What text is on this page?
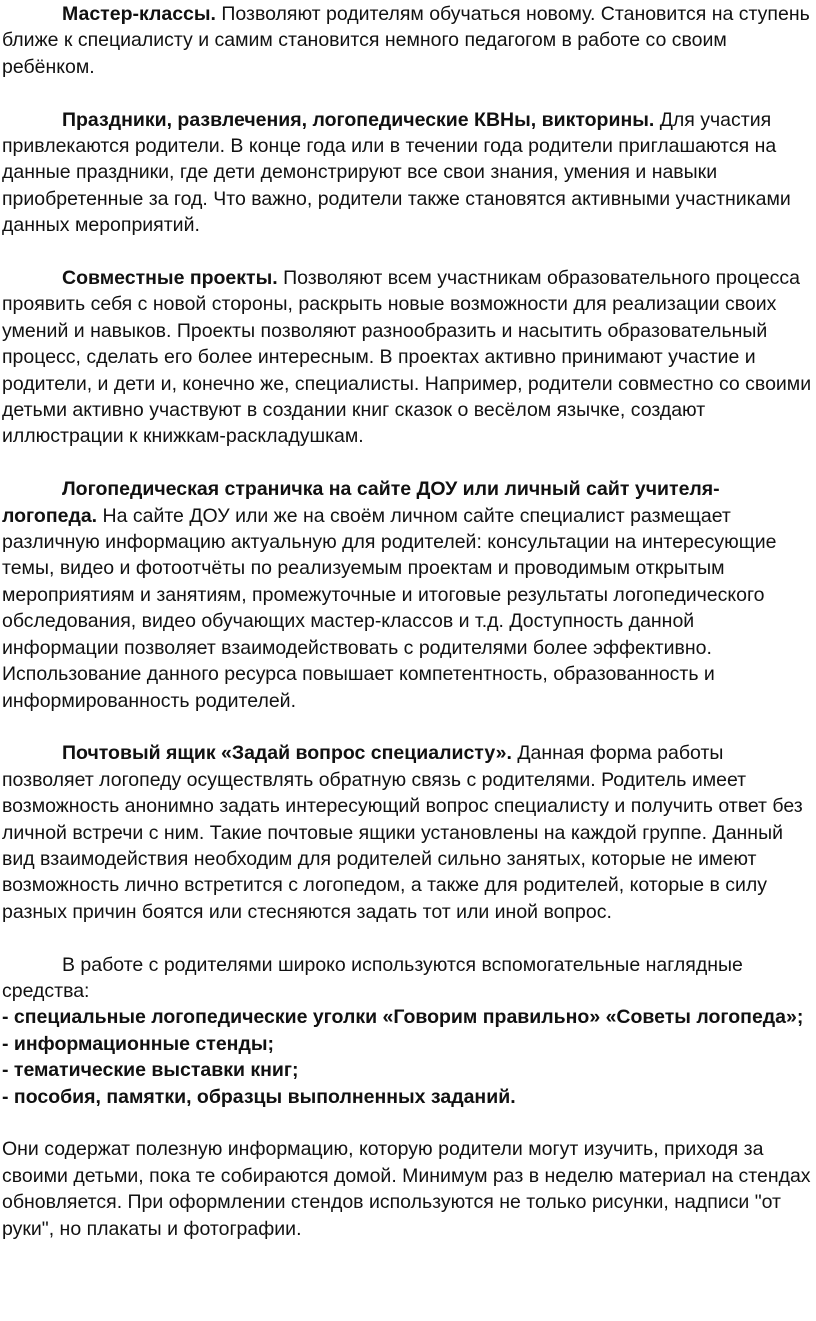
Мастер-классы. Позволяют родителям обучаться новому. Становится на ступень ближе к специалисту и самим становится немного педагогом в работе со своим ребёнком.

Праздники, развлечения, логопедические КВНы, викторины. Для участия привлекаются родители. В конце года или в течении года родители приглашаются на данные праздники, где дети демонстрируют все свои знания, умения и навыки приобретенные за год. Что важно, родители также становятся активными участниками данных мероприятий.

Совместные проекты. Позволяют всем участникам образовательного процесса проявить себя с новой стороны, раскрыть новые возможности для реализации своих умений и навыков. Проекты позволяют разнообразить и насытить образовательный процесс, сделать его более интересным. В проектах активно принимают участие и родители, и дети и, конечно же, специалисты. Например, родители совместно со своими детьми активно участвуют в создании книг сказок о весёлом язычке, создают иллюстрации к книжкам-раскладушкам.

Логопедическая страничка на сайте ДОУ или личный сайт учителя-логопеда. На сайте ДОУ или же на своём личном сайте специалист размещает различную информацию актуальную для родителей: консультации на интересующие темы, видео и фотоотчёты по реализуемым проектам и проводимым открытым мероприятиям и занятиям, промежуточные и итоговые результаты логопедического обследования, видео обучающих мастер-классов и т.д. Доступность данной информации позволяет взаимодействовать с родителями более эффективно. Использование данного ресурса повышает компетентность, образованность и информированность родителей.

Почтовый ящик «Задай вопрос специалисту». Данная форма работы позволяет логопеду осуществлять обратную связь с родителями. Родитель имеет возможность анонимно задать интересующий вопрос специалисту и получить ответ без личной встречи с ним. Такие почтовые ящики установлены на каждой группе. Данный вид взаимодействия необходим для родителей сильно занятых, которые не имеют возможность лично встретится с логопедом, а также для родителей, которые в силу разных причин боятся или стесняются задать тот или иной вопрос.

В работе с родителями широко используются вспомогательные наглядные средства:

- специальные логопедические уголки «Говорим правильно» «Советы логопеда»;

- информационные стенды;

- тематические выставки книг;

- пособия, памятки, образцы выполненных заданий.

Они содержат полезную информацию, которую родители могут изучить, приходя за своими детьми, пока те собираются домой. Минимум раз в неделю материал на стендах обновляется. При оформлении стендов используются не только рисунки, надписи "от руки", но плакаты и фотографии.
